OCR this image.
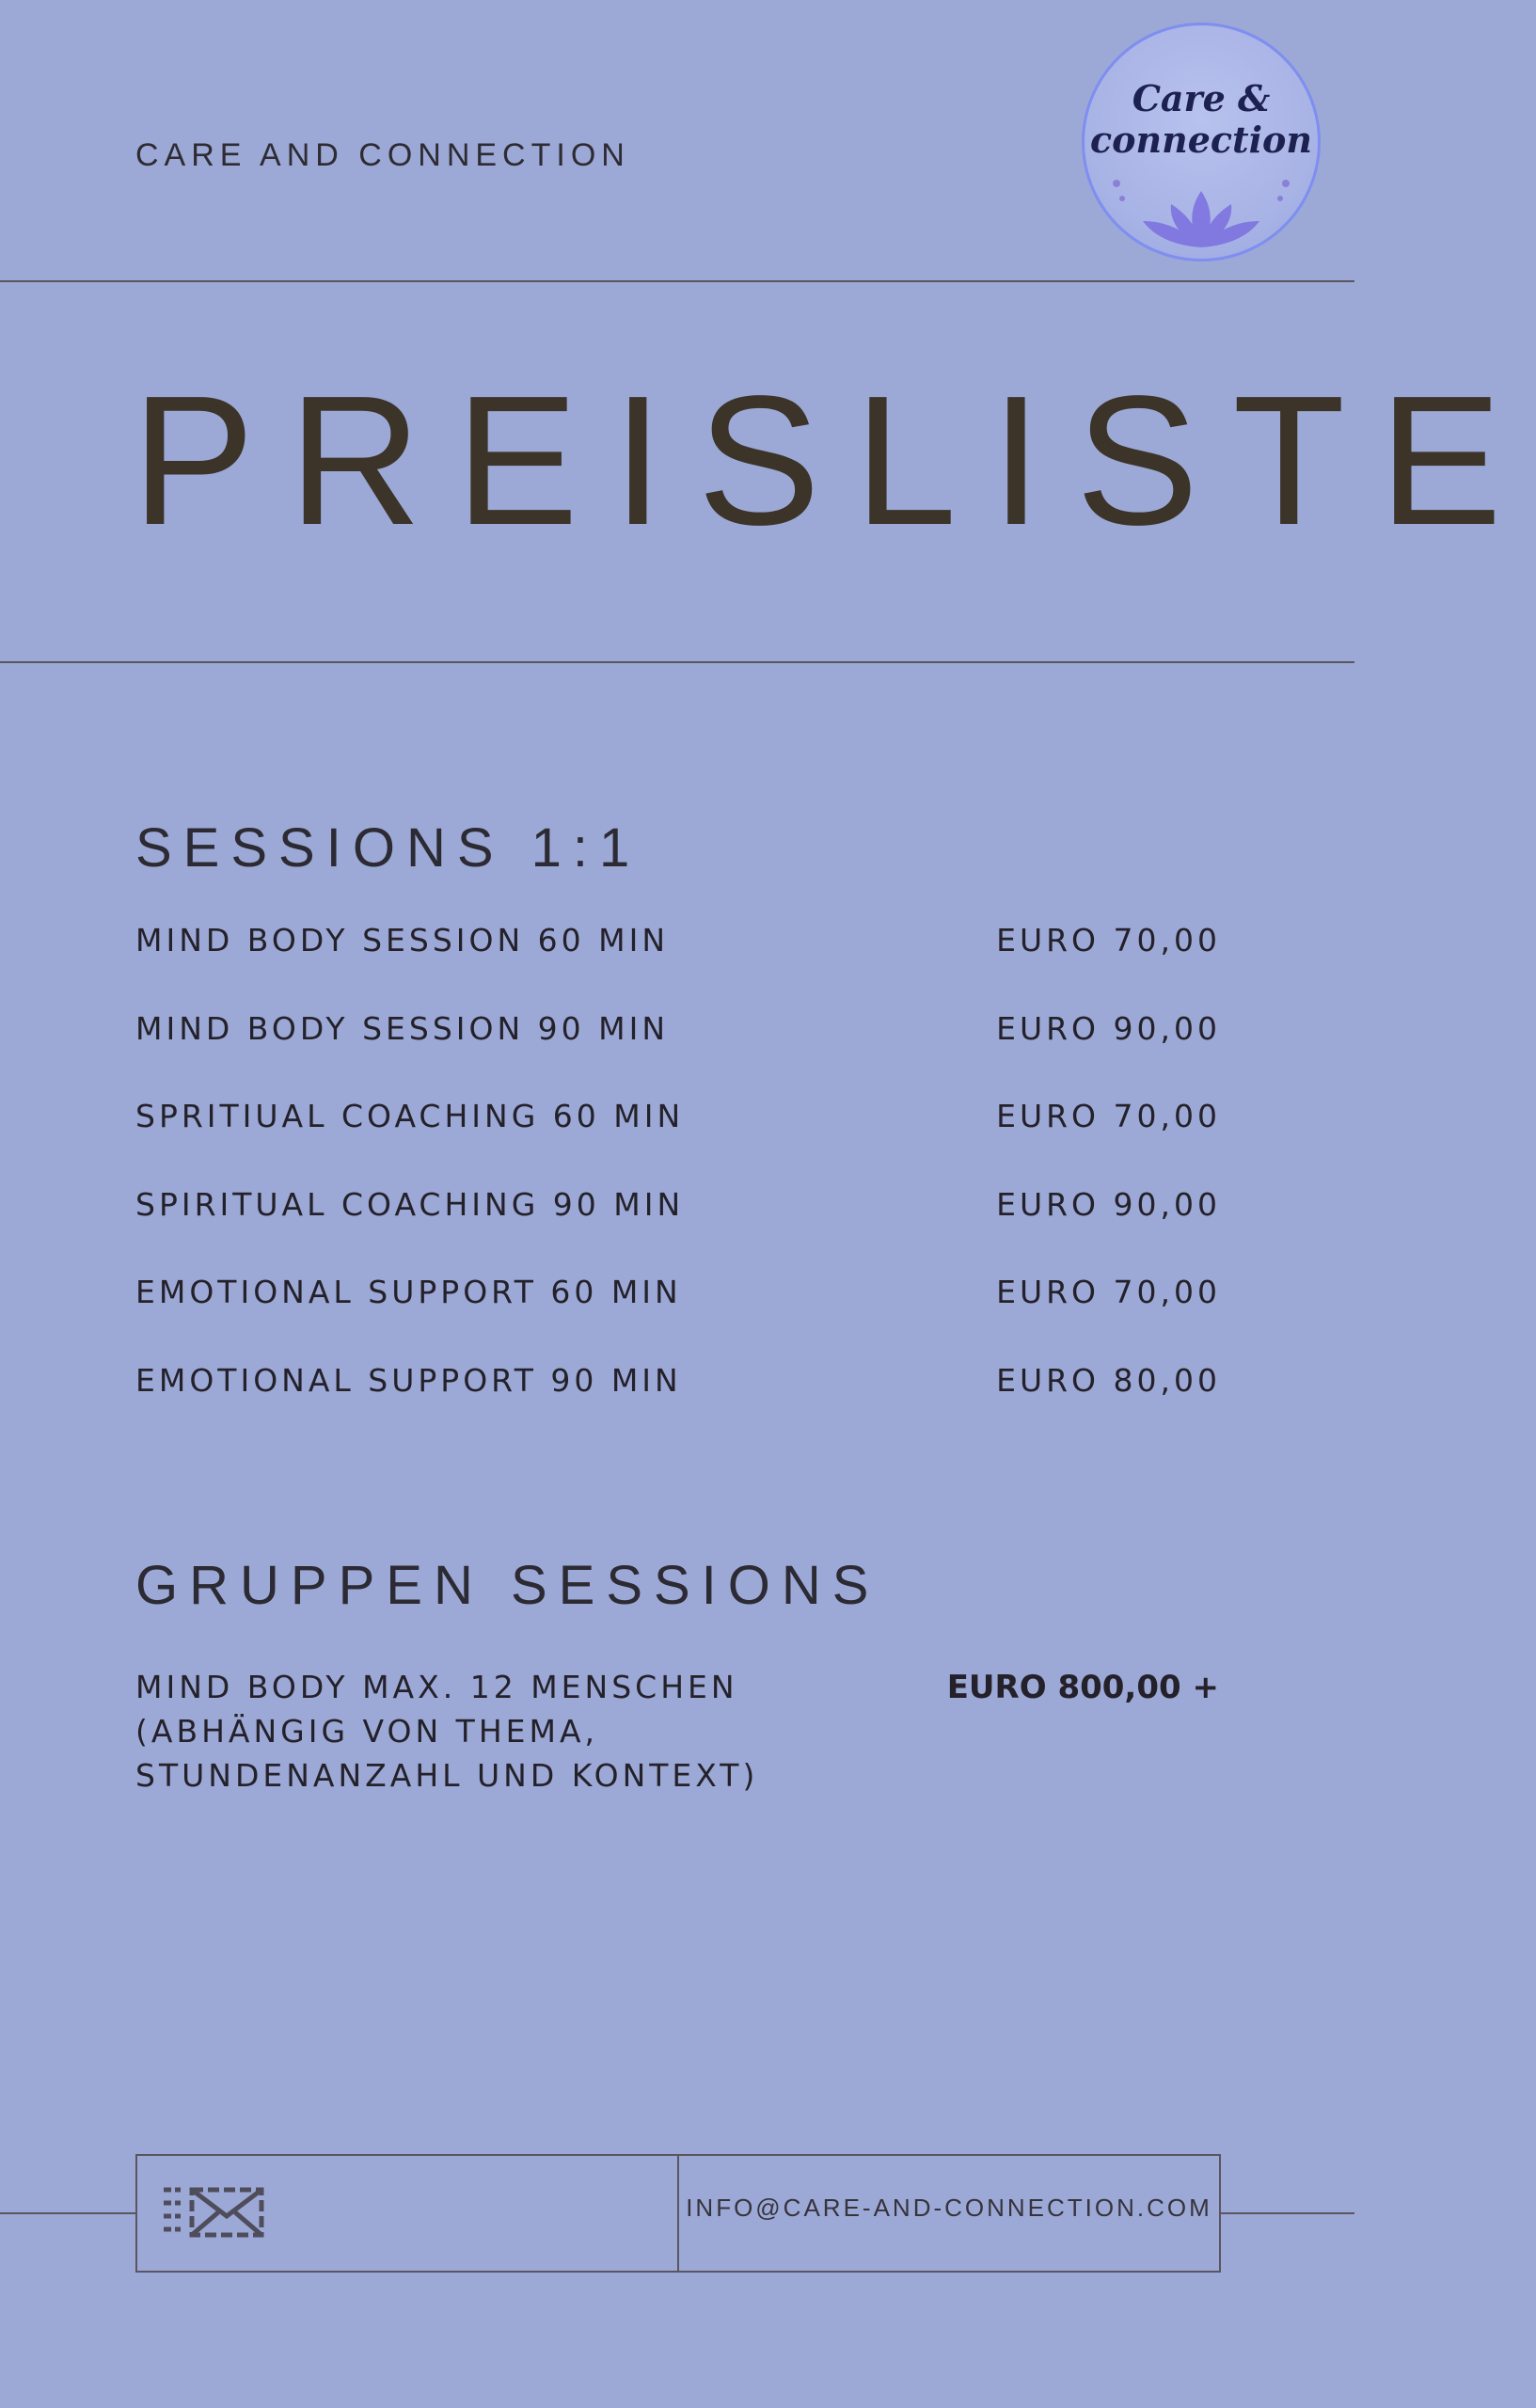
CARE AND CONNECTION
Care &
connection
PREISLISTE
SESSIONS 1:1
MIND BODY SESSION 60 MIN	EURO 70,00
MIND BODY SESSION 90 MIN	EURO 90,00
SPRITIUAL COACHING 60 MIN	EURO 70,00
SPIRITUAL COACHING 90 MIN	EURO 90,00
EMOTIONAL SUPPORT 60 MIN	EURO 70,00
EMOTIONAL SUPPORT 90 MIN	EURO 80,00
GRUPPEN SESSIONS
MIND BODY MAX. 12 MENSCHEN
(ABHÄNGIG VON THEMA,
STUNDENANZAHL UND KONTEXT)
EURO 800,00 +
INFO@CARE-AND-CONNECTION.COM
